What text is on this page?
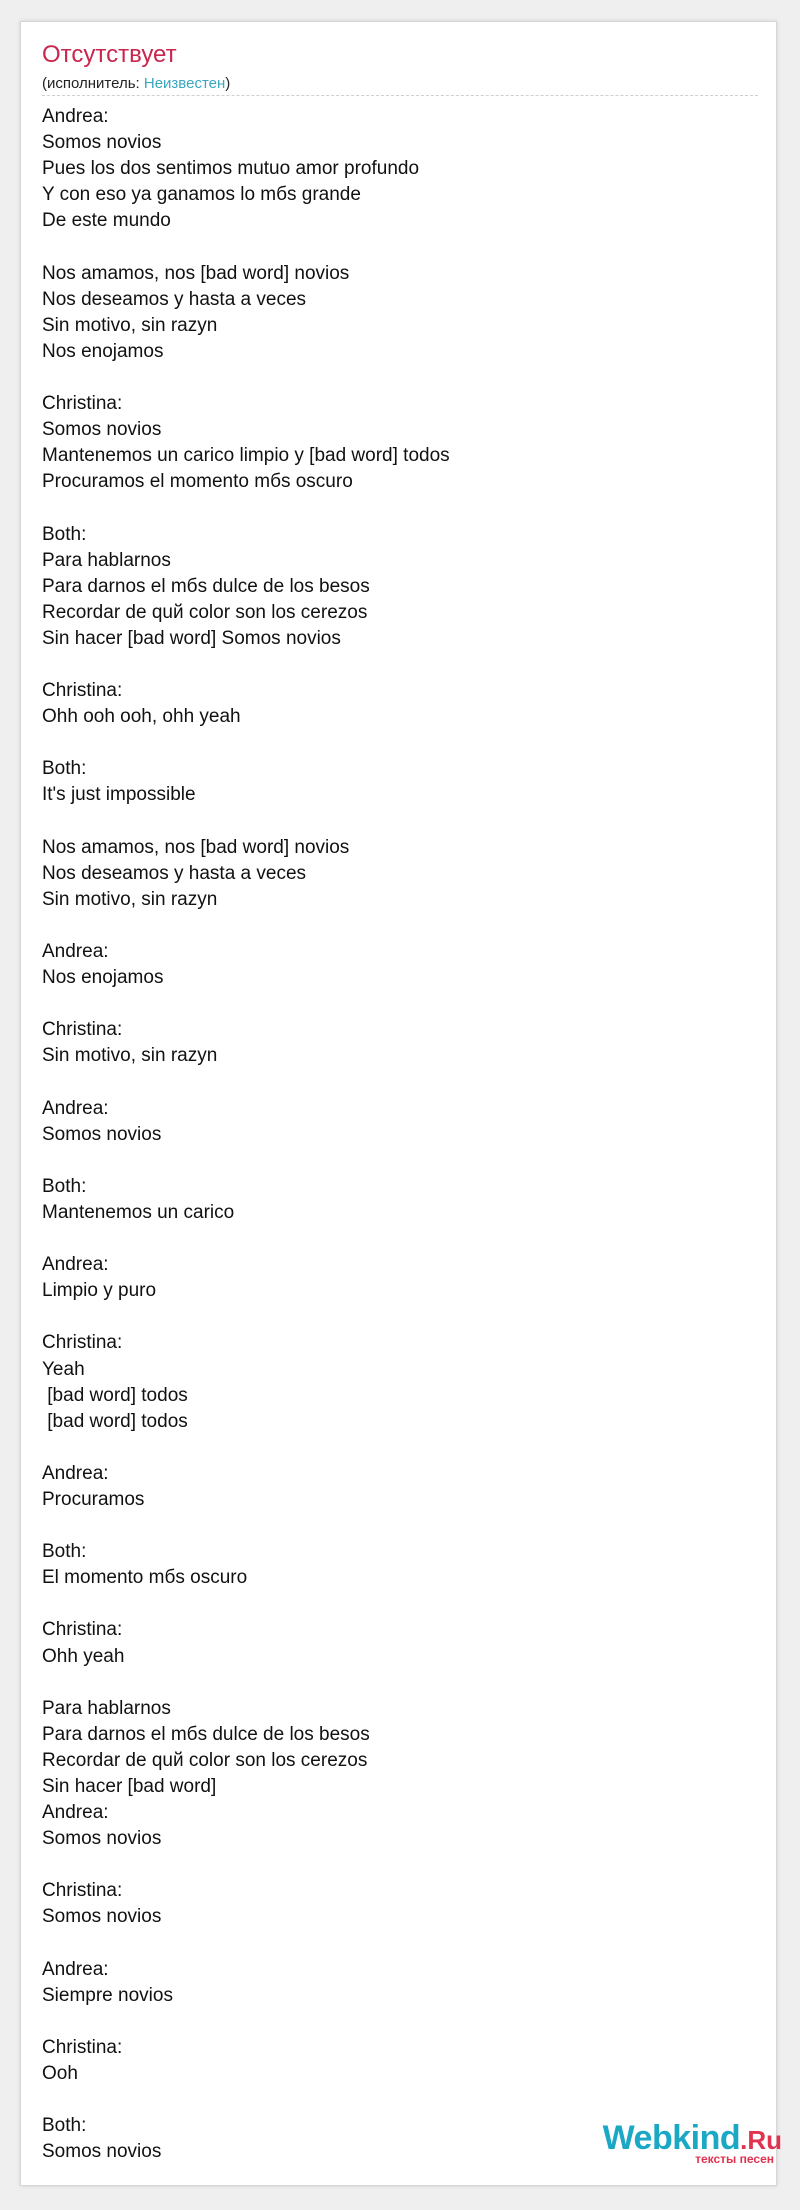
Отсутствует
(исполнитель: Неизвестен)
Andrea:
Somos novios
Pues los dos sentimos mutuo amor profundo
Y con eso ya ganamos lo mбs grande
De este mundo

Nos amamos, nos [bad word] novios
Nos deseamos y hasta a veces
Sin motivo, sin razуn
Nos enojamos

Christina:
Somos novios
Mantenemos un cariсo limpio y [bad word] todos
Procuramos el momento mбs oscuro

Both:
Para hablarnos
Para darnos el mбs dulce de los besos
Recordar de quй color son los cerezos
Sin hacer [bad word] Somos novios

Christina:
Ohh ooh ooh, ohh yeah

Both:
It's just impossible

Nos amamos, nos [bad word] novios
Nos deseamos y hasta a veces
Sin motivo, sin razуn

Andrea:
Nos enojamos

Christina:
Sin motivo, sin razуn

Andrea:
Somos novios

Both:
Mantenemos un cariсo

Andrea:
Limpio y puro

Christina:
Yeah
[bad word] todos
[bad word] todos

Andrea:
Procuramos

Both:
El momento mбs oscuro

Christina:
Ohh yeah

Para hablarnos
Para darnos el mбs dulce de los besos
Recordar de quй color son los cerezos
Sin hacer [bad word]
Andrea:
Somos novios

Christina:
Somos novios

Andrea:
Siempre novios

Christina:
Ooh

Both:
Somos novios	Webkind.Ru
тексты песен
